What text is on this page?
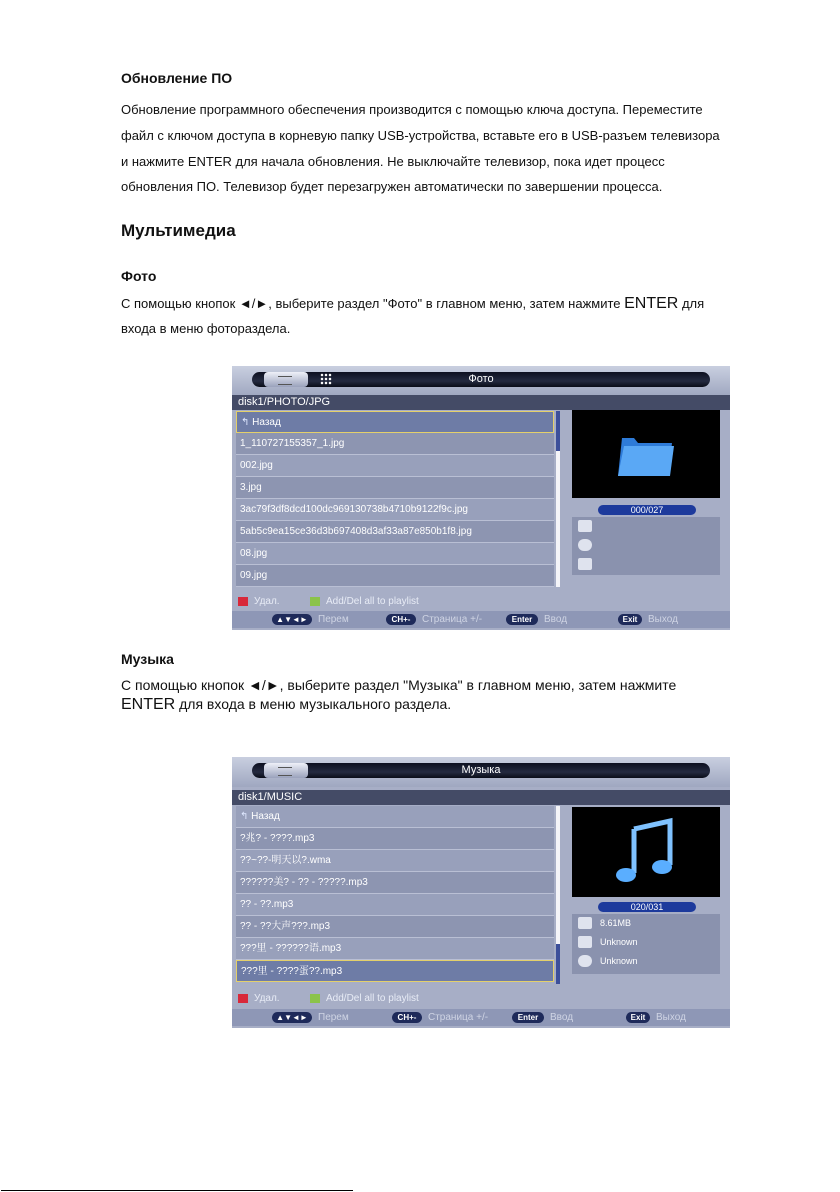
Обновление ПО
Обновление программного обеспечения производится с помощью ключа доступа. Переместите
файл с ключом доступа в корневую папку USB-устройства, вставьте его в USB-разъем телевизора
и нажмите ENTER для начала обновления. Не выключайте телевизор, пока идет процесс
обновления ПО. Телевизор будет перезагружен автоматически по завершении процесса.
Мультимедиа
Фото
С помощью кнопок ◄/►, выберите раздел "Фото" в главном меню, затем нажмите ENTER для
входа в меню фотораздела.
Фото
disk1/PHOTO/JPG
↰ Назад
1_110727155357_1.jpg
002.jpg
3.jpg
3ac79f3df8dcd100dc969130738b4710b9122f9c.jpg
5ab5c9ea15ce36d3b697408d3af33a87e850b1f8.jpg
08.jpg
09.jpg
000/027
Удал.	Add/Del all to playlist
▲▼◄►	Перем	CH+-	Страница +/-	Enter	Ввод	Exit	Выход
Музыка
С помощью кнопок ◄/►, выберите раздел "Музыка" в главном меню, затем нажмите
ENTER для входа в меню музыкального раздела.
Музыка
disk1/MUSIC
↰ Назад
?兆? - ????.mp3
??~??-明天以?.wma
??????美? - ?? - ?????.mp3
?? - ??.mp3
?? - ??大声???.mp3
???里 - ??????语.mp3
???里 - ????蛋??.mp3
020/031
8.61MB
Unknown
Unknown
Удал.	Add/Del all to playlist
▲▼◄►	Перем	CH+-	Страница +/-	Enter	Ввод	Exit	Выход
